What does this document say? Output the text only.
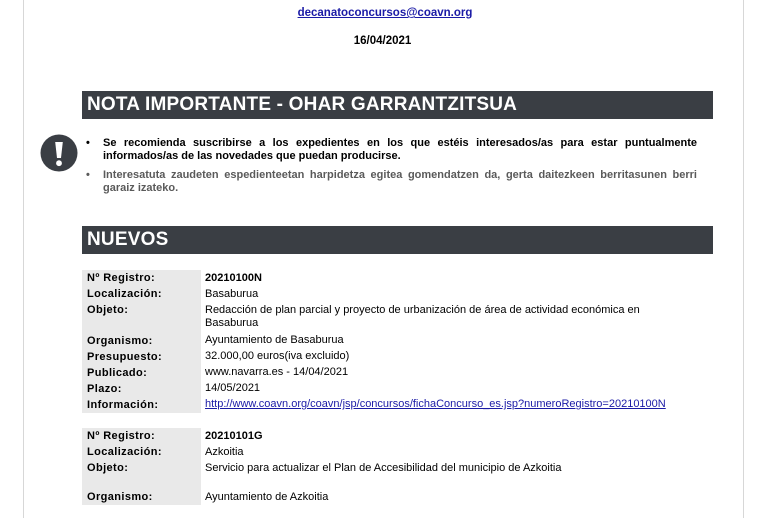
decanatoconcursos@coavn.org
16/04/2021
NOTA IMPORTANTE - OHAR GARRANTZITSUA
• Se recomienda suscribirse a los expedientes en los que estéis interesados/as para estar puntualmente informados/as de las novedades que puedan producirse.
• Interesatuta zaudeten espedienteetan harpidetza egitea gomendatzen da, gerta daitezkeen berritasunen berri garaiz izateko.
NUEVOS
Nº Registro:	20210100N
Localización:	Basaburua
Objeto:	Redacción de plan parcial y proyecto de urbanización de área de actividad económica en Basaburua
Organismo:	Ayuntamiento de Basaburua
Presupuesto:	32.000,00 euros(iva excluido)
Publicado:	www.navarra.es - 14/04/2021
Plazo:	14/05/2021
Información:	http://www.coavn.org/coavn/jsp/concursos/fichaConcurso_es.jsp?numeroRegistro=20210100N
Nº Registro:	20210101G
Localización:	Azkoitia
Objeto:	Servicio para actualizar el Plan de Accesibilidad del municipio de Azkoitia
Organismo:	Ayuntamiento de Azkoitia
